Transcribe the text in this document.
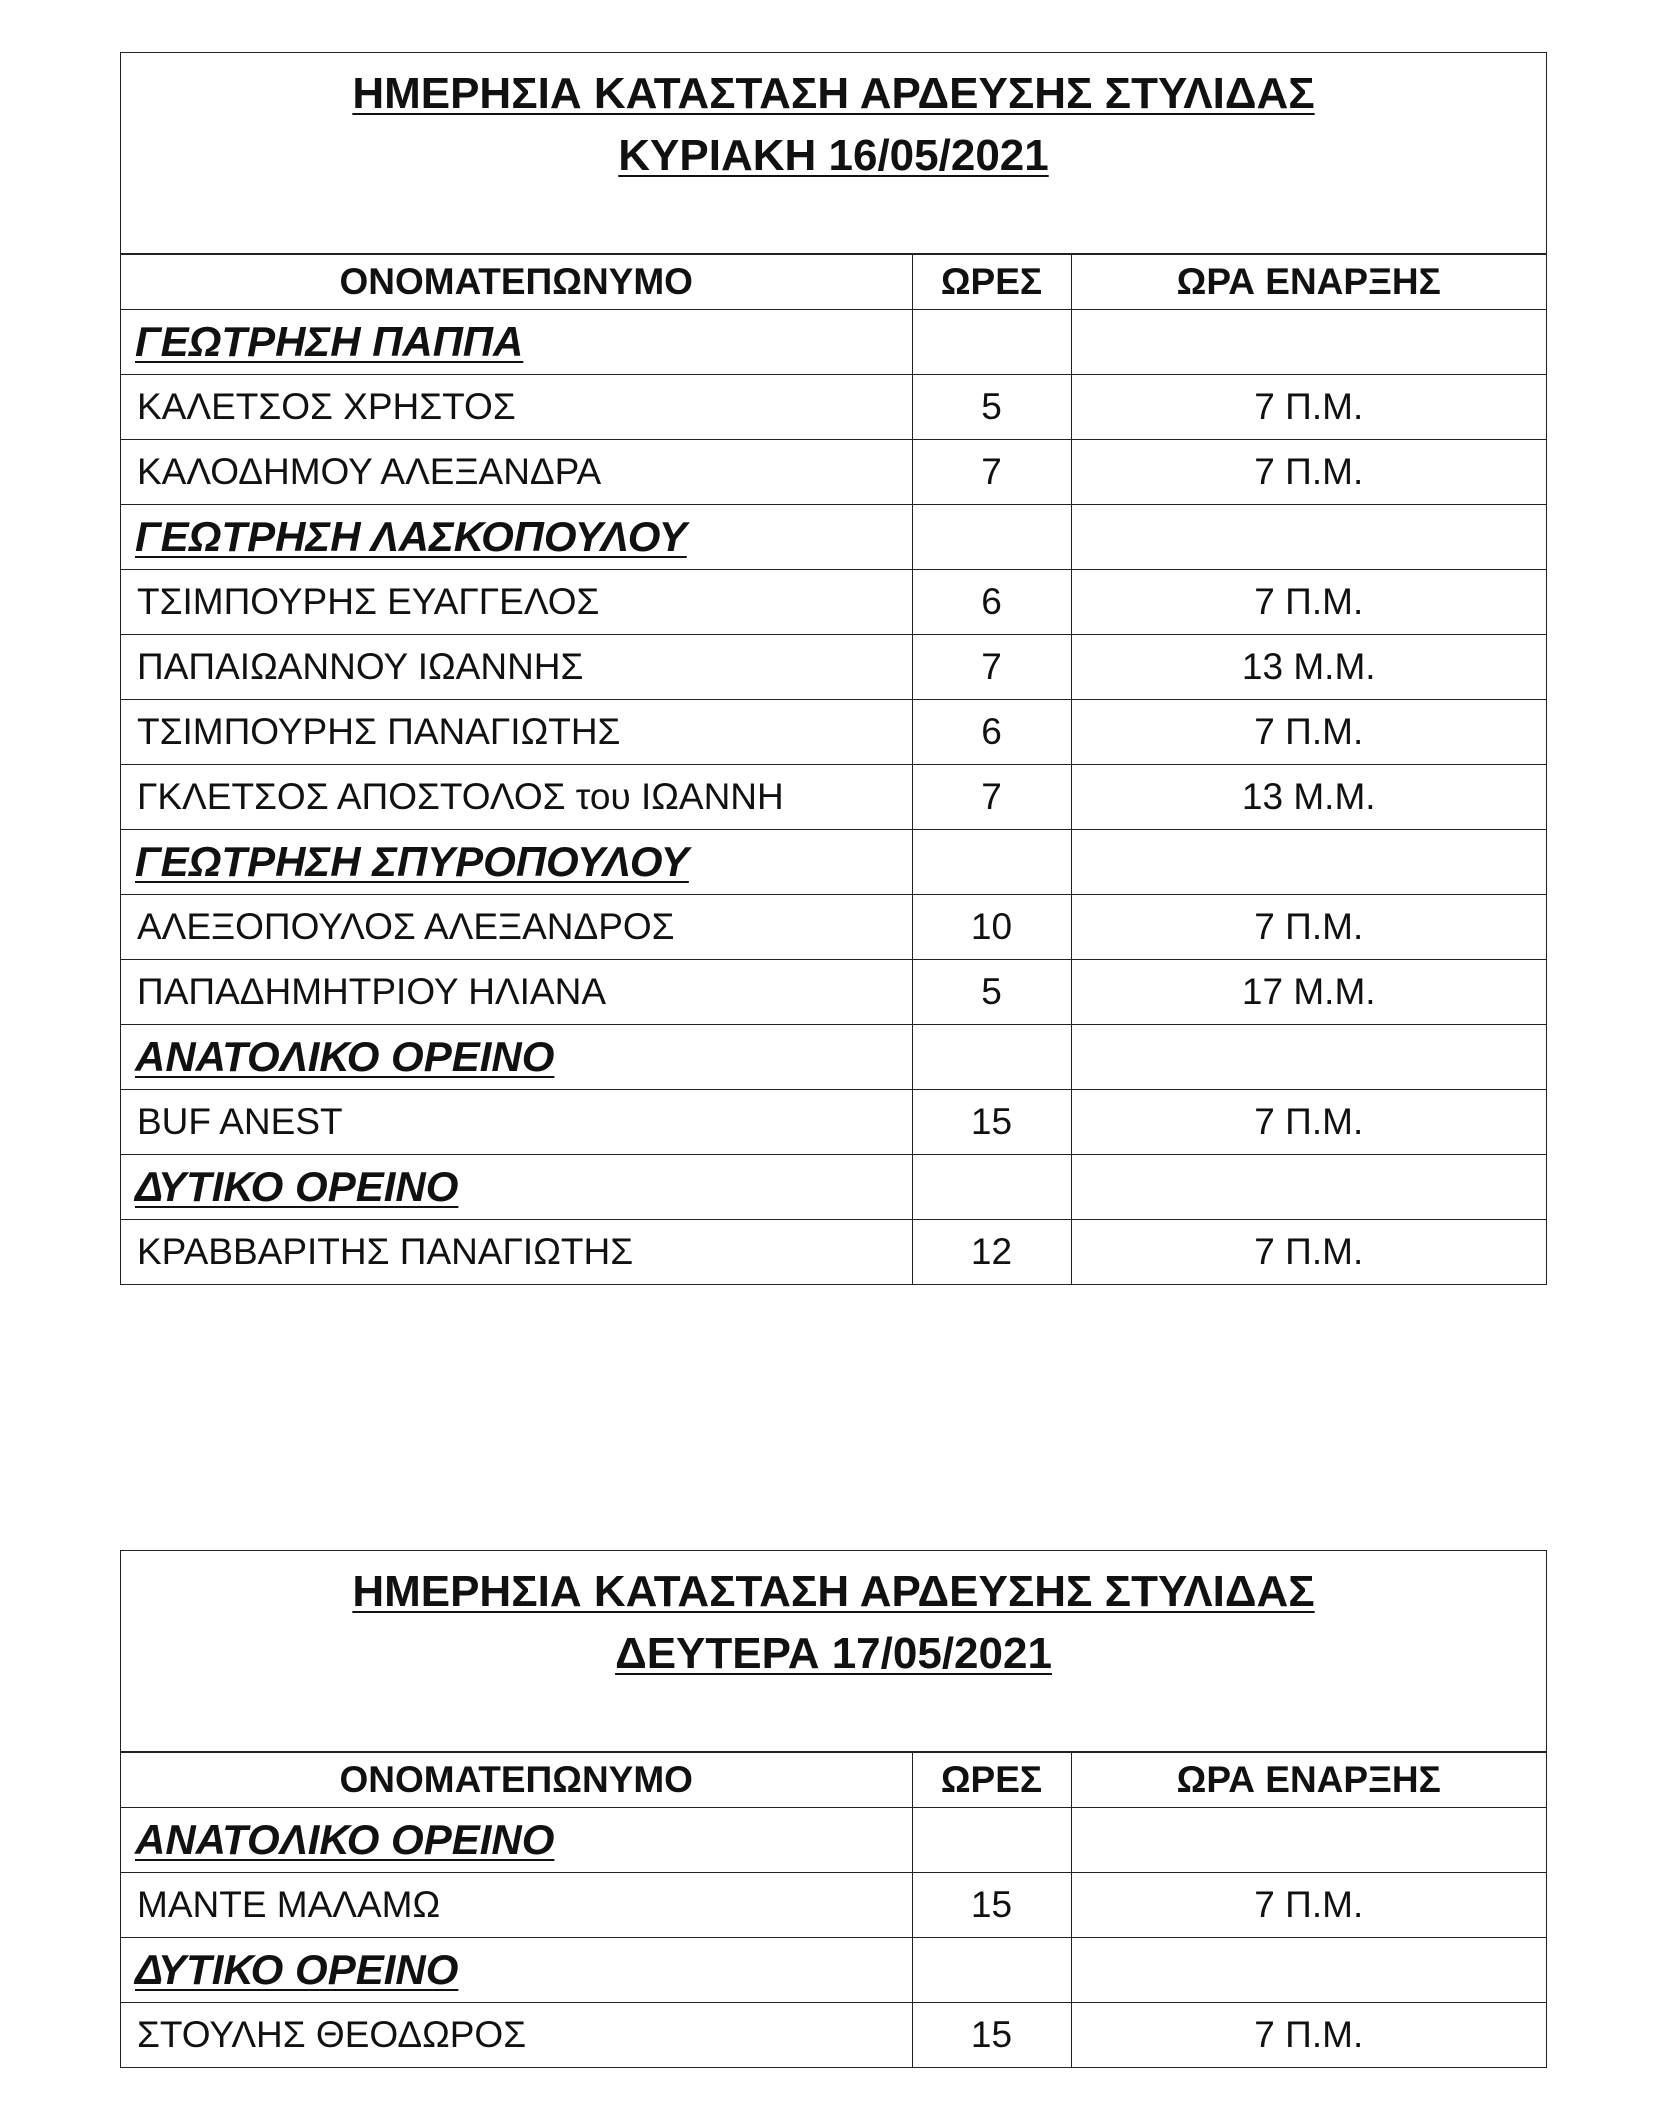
ΗΜΕΡΗΣΙΑ ΚΑΤΑΣΤΑΣΗ ΑΡΔΕΥΣΗΣ ΣΤΥΛΙΔΑΣ
ΚΥΡΙΑΚΗ 16/05/2021
ΟΝΟΜΑΤΕΠΩΝΥΜΟ	ΩΡΕΣ	ΩΡΑ ΕΝΑΡΞΗΣ
ΓΕΩΤΡΗΣΗ ΠΑΠΠΑ		
ΚΑΛΕΤΣΟΣ ΧΡΗΣΤΟΣ	5	7 Π.Μ.
ΚΑΛΟΔΗΜΟΥ ΑΛΕΞΑΝΔΡΑ	7	7 Π.Μ.
ΓΕΩΤΡΗΣΗ ΛΑΣΚΟΠΟΥΛΟΥ		
ΤΣΙΜΠΟΥΡΗΣ ΕΥΑΓΓΕΛΟΣ	6	7 Π.Μ.
ΠΑΠΑΙΩΑΝΝΟΥ ΙΩΑΝΝΗΣ	7	13 Μ.Μ.
ΤΣΙΜΠΟΥΡΗΣ ΠΑΝΑΓΙΩΤΗΣ	6	7 Π.Μ.
ΓΚΛΕΤΣΟΣ ΑΠΟΣΤΟΛΟΣ του ΙΩΑΝΝΗ	7	13 Μ.Μ.
ΓΕΩΤΡΗΣΗ ΣΠΥΡΟΠΟΥΛΟΥ		
ΑΛΕΞΟΠΟΥΛΟΣ ΑΛΕΞΑΝΔΡΟΣ	10	7 Π.Μ.
ΠΑΠΑΔΗΜΗΤΡΙΟΥ ΗΛΙΑΝΑ	5	17 Μ.Μ.
ΑΝΑΤΟΛΙΚΟ ΟΡΕΙΝΟ		
BUF ANEST	15	7 Π.Μ.
ΔΥΤΙΚΟ ΟΡΕΙΝΟ		
ΚΡΑΒΒΑΡΙΤΗΣ ΠΑΝΑΓΙΩΤΗΣ	12	7 Π.Μ.
ΗΜΕΡΗΣΙΑ ΚΑΤΑΣΤΑΣΗ ΑΡΔΕΥΣΗΣ ΣΤΥΛΙΔΑΣ
ΔΕΥΤΕΡΑ 17/05/2021
ΟΝΟΜΑΤΕΠΩΝΥΜΟ	ΩΡΕΣ	ΩΡΑ ΕΝΑΡΞΗΣ
ΑΝΑΤΟΛΙΚΟ ΟΡΕΙΝΟ		
ΜΑΝΤΕ ΜΑΛΑΜΩ	15	7 Π.Μ.
ΔΥΤΙΚΟ ΟΡΕΙΝΟ		
ΣΤΟΥΛΗΣ ΘΕΟΔΩΡΟΣ	15	7 Π.Μ.
